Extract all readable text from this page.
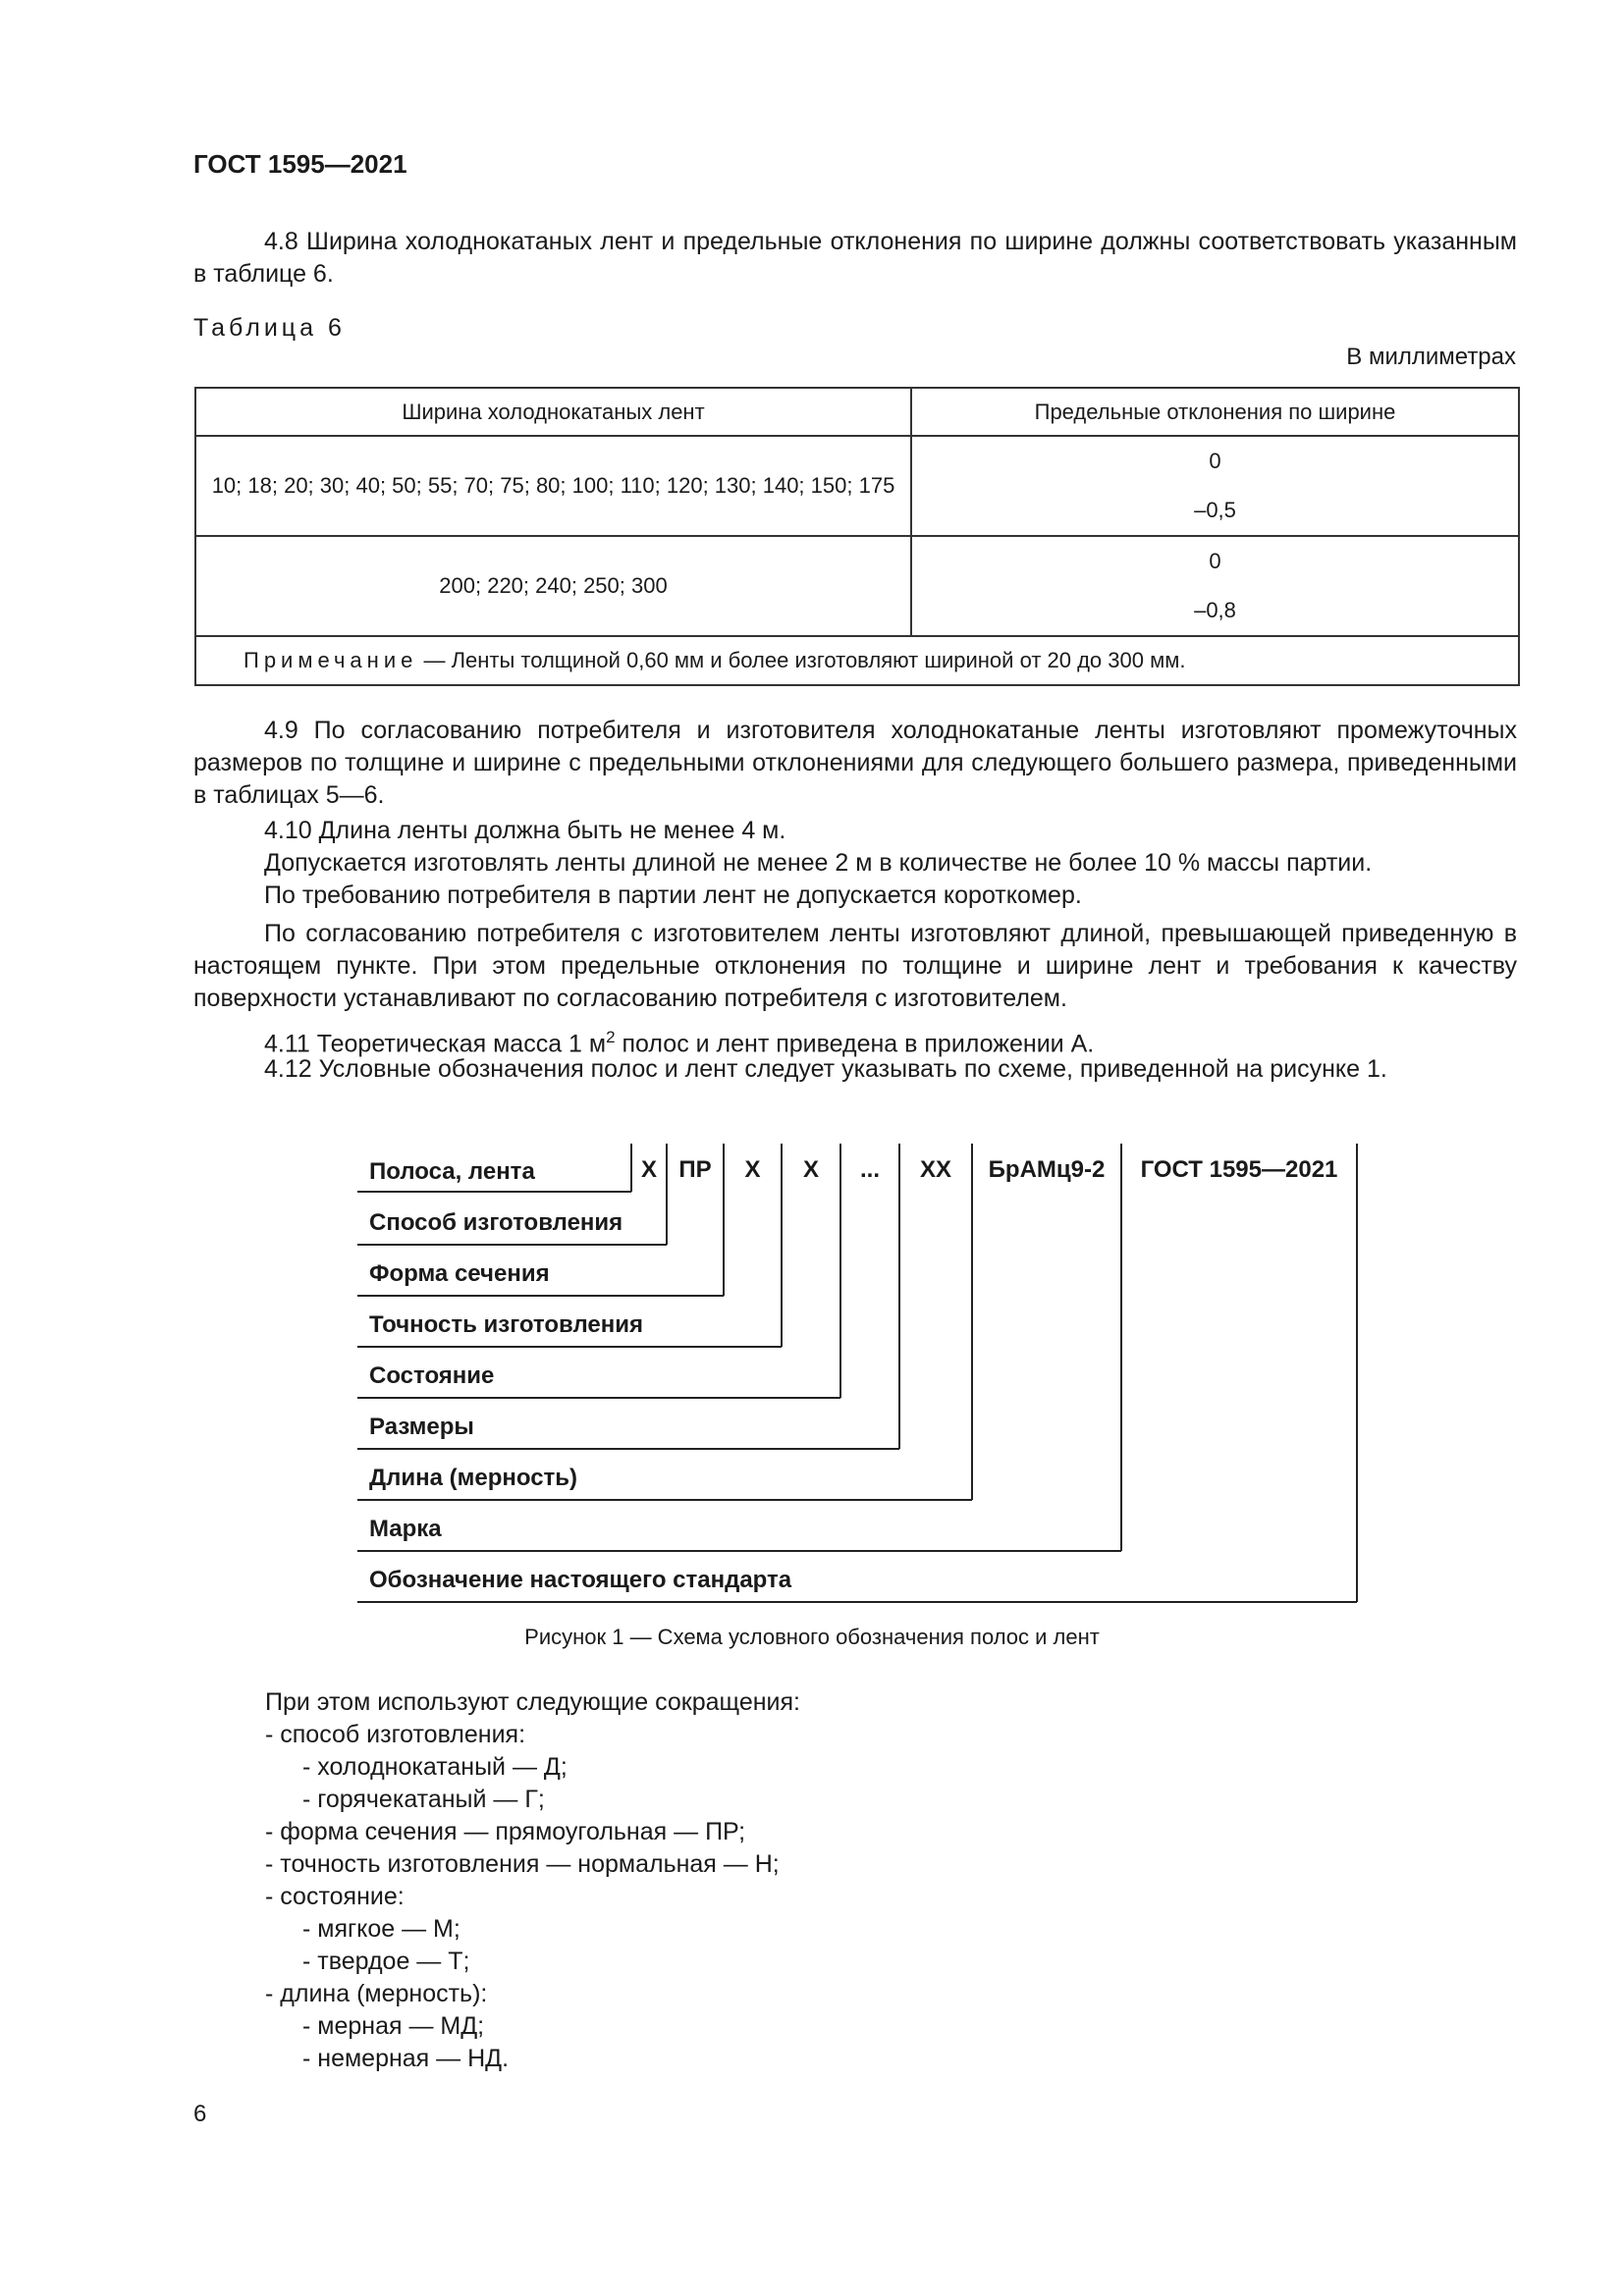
ГОСТ 1595—2021
4.8 Ширина холоднокатаных лент и предельные отклонения по ширине должны соответствовать указанным в таблице 6.
Таблица 6
В миллиметрах
Ширина холоднокатаных лент	Предельные отклонения по ширине
10; 18; 20; 30; 40; 50; 55; 70; 75; 80; 100; 110; 120; 130; 140; 150; 175	0
	–0,5
200; 220; 240; 250; 300	0
	–0,8
Примечание — Ленты толщиной 0,60 мм и более изготовляют шириной от 20 до 300 мм.	
4.9 По согласованию потребителя и изготовителя холоднокатаные ленты изготовляют промежуточных размеров по толщине и ширине с предельными отклонениями для следующего большего размера, приведенными в таблицах 5—6.
4.10 Длина ленты должна быть не менее 4 м.
Допускается изготовлять ленты длиной не менее 2 м в количестве не более 10 % массы партии.
По требованию потребителя в партии лент не допускается короткомер.
По согласованию потребителя с изготовителем ленты изготовляют длиной, превышающей приведенную в настоящем пункте. При этом предельные отклонения по толщине и ширине лент и требования к качеству поверхности устанавливают по согласованию потребителя с изготовителем.
4.11 Теоретическая масса 1 $м^2$ полос и лент приведена в приложении А.
4.12 Условные обозначения полос и лент следует указывать по схеме, приведенной на рисунке 1.
Х ПР	Х	Х	...	ХХ	БрАМц9-2	ГОСТ 1595—2021
Полоса, лента
Способ изготовления
Форма сечения
Точность изготовления
Состояние
Размеры
Длина (мерность)
Марка
Обозначение настоящего стандарта
Рисунок 1 — Схема условного обозначения полос и лент
При этом используют следующие сокращения:
- способ изготовления:
- холоднокатаный — Д;
- горячекатаный — Г;
- форма сечения — прямоугольная — ПР;
- точность изготовления — нормальная — Н;
- состояние:
- мягкое — М;
- твердое — Т;
- длина (мерность):
- мерная — МД;
- немерная — НД.
6
